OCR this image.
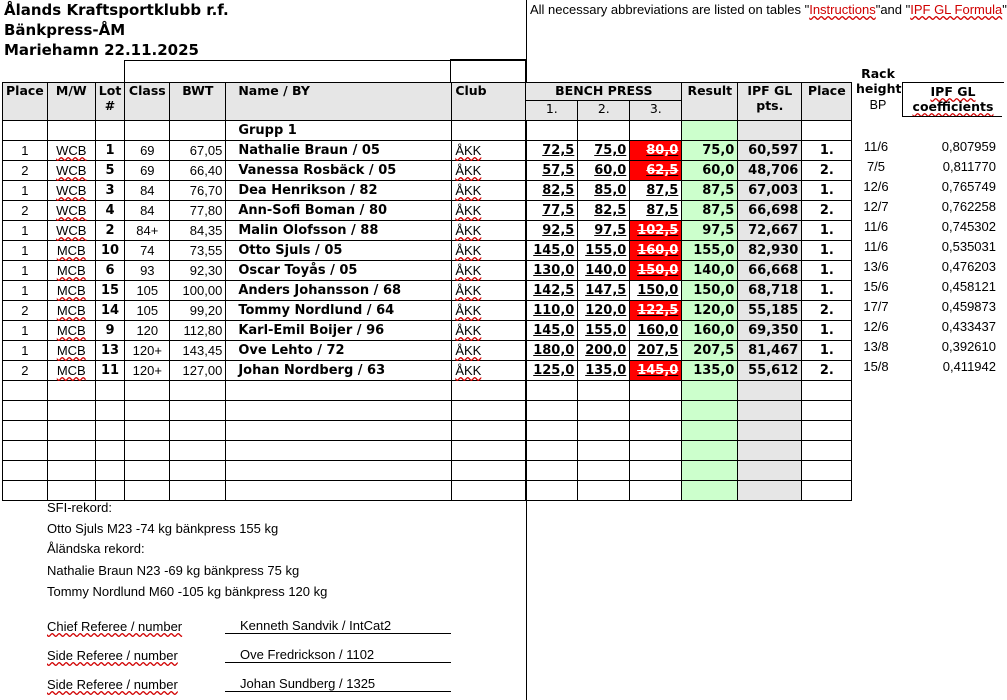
Ålands Kraftsportklubb r.f.
Bänkpress-ÅM
Mariehamn 22.11.2025
All necessary abbreviations are listed on tables "Instructions"and "IPF GL Formula"
Place	M/W	Lot #	Class	BWT	Name / BY	Club	BENCH PRESS			Result	IPF GL pts.	Place
							1.	2.	3.			
					Grupp 1							
1	WCB	1	69	67,05	Nathalie Braun / 05	ÅKK	72,5	75,0	80,0	75,0	60,597	1.
2	WCB	5	69	66,40	Vanessa Rosbäck / 05	ÅKK	57,5	60,0	62,5	60,0	48,706	2.
1	WCB	3	84	76,70	Dea Henrikson / 82	ÅKK	82,5	85,0	87,5	87,5	67,003	1.
2	WCB	4	84	77,80	Ann-Sofi Boman / 80	ÅKK	77,5	82,5	87,5	87,5	66,698	2.
1	WCB	2	84+	84,35	Malin Olofsson / 88	ÅKK	92,5	97,5	102,5	97,5	72,667	1.
1	MCB	10	74	73,55	Otto Sjuls / 05	ÅKK	145,0	155,0	160,0	155,0	82,930	1.
1	MCB	6	93	92,30	Oscar Toyås / 05	ÅKK	130,0	140,0	150,0	140,0	66,668	1.
1	MCB	15	105	100,00	Anders Johansson / 68	ÅKK	142,5	147,5	150,0	150,0	68,718	1.
2	MCB	14	105	99,20	Tommy Nordlund / 64	ÅKK	110,0	120,0	122,5	120,0	55,185	2.
1	MCB	9	120	112,80	Karl-Emil Boijer / 96	ÅKK	145,0	155,0	160,0	160,0	69,350	1.
1	MCB	13	120+	143,45	Ove Lehto / 72	ÅKK	180,0	200,0	207,5	207,5	81,467	1.
2	MCB	11	120+	127,00	Johan Nordberg / 63	ÅKK	125,0	135,0	145,0	135,0	55,612	2.

Rack height
BP
IPF GL coefficients
11/6	0,807959
7/5	0,811770
12/6	0,765749
12/7	0,762258
11/6	0,745302
11/6	0,535031
13/6	0,476203
15/6	0,458121
17/7	0,459873
12/6	0,433437
13/8	0,392610
15/8	0,411942
SFI-rekord:
Otto Sjuls M23 -74 kg bänkpress 155 kg
Åländska rekord:
Nathalie Braun N23 -69 kg bänkpress 75 kg
Tommy Nordlund M60 -105 kg bänkpress 120 kg
Chief Referee / number	Kenneth Sandvik / IntCat2
Side Referee / number	Ove Fredrickson / 1102
Side Referee / number	Johan Sundberg / 1325
